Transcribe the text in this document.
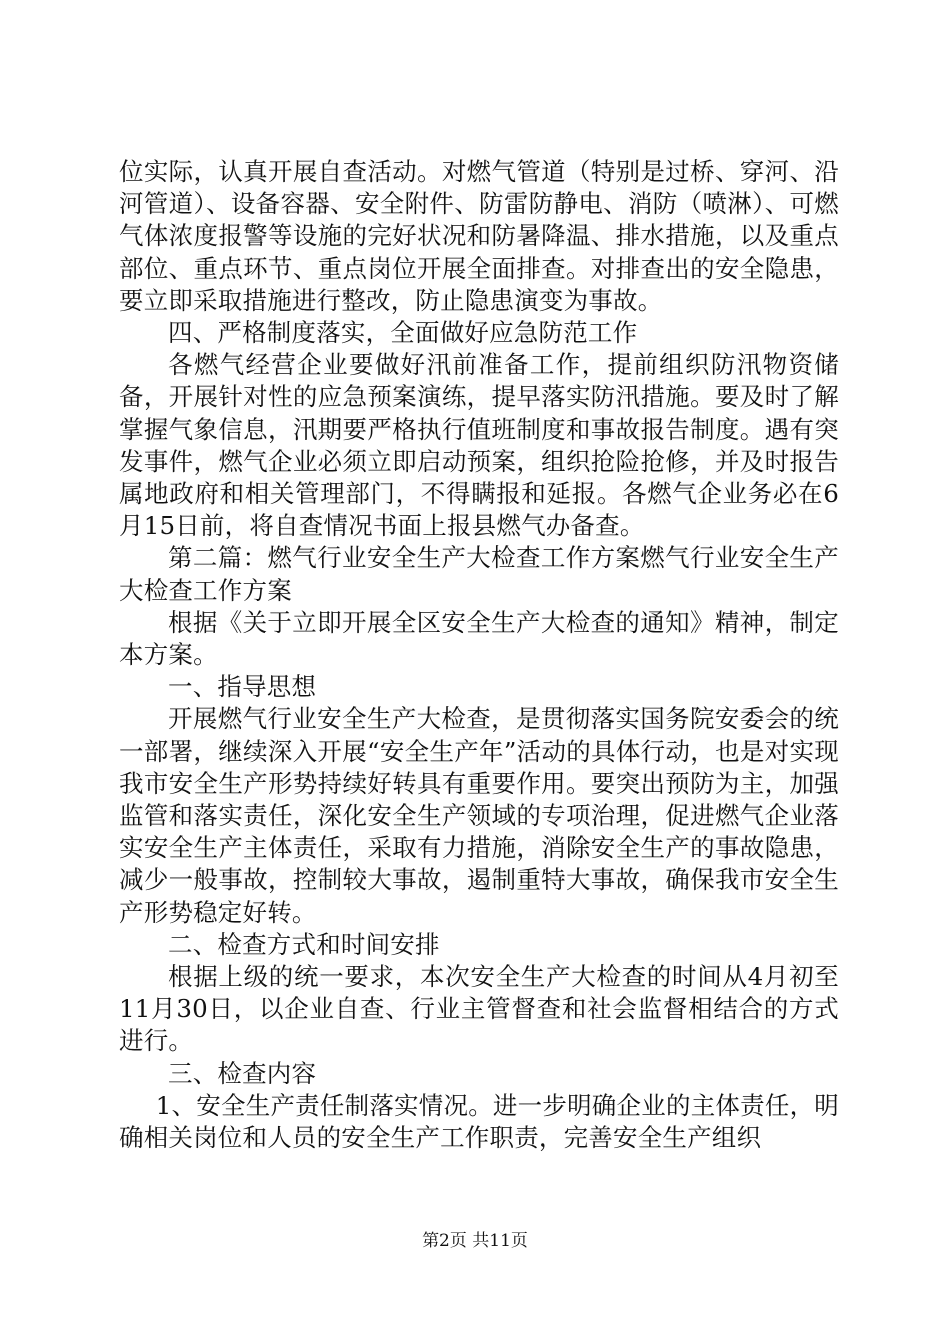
位实际，认真开展自查活动。对燃气管道（特别是过桥、穿河、沿河管道）、设备容器、安全附件、防雷防静电、消防（喷淋）、可燃气体浓度报警等设施的完好状况和防暑降温、排水措施，以及重点部位、重点环节、重点岗位开展全面排查。对排查出的安全隐患，要立即采取措施进行整改，防止隐患演变为事故。

四、严格制度落实，全面做好应急防范工作

各燃气经营企业要做好汛前准备工作，提前组织防汛物资储备，开展针对性的应急预案演练，提早落实防汛措施。要及时了解掌握气象信息，汛期要严格执行值班制度和事故报告制度。遇有突发事件，燃气企业必须立即启动预案，组织抢险抢修，并及时报告属地政府和相关管理部门，不得瞒报和延报。各燃气企业务必在6月15日前，将自查情况书面上报县燃气办备查。

第二篇：燃气行业安全生产大检查工作方案燃气行业安全生产大检查工作方案

根据《关于立即开展全区安全生产大检查的通知》精神，制定本方案。

一、指导思想

开展燃气行业安全生产大检查，是贯彻落实国务院安委会的统一部署，继续深入开展“安全生产年”活动的具体行动，也是对实现我市安全生产形势持续好转具有重要作用。要突出预防为主，加强监管和落实责任，深化安全生产领域的专项治理，促进燃气企业落实安全生产主体责任，采取有力措施，消除安全生产的事故隐患，减少一般事故，控制较大事故，遏制重特大事故，确保我市安全生产形势稳定好转。

二、检查方式和时间安排

根据上级的统一要求，本次安全生产大检查的时间从4月初至11月30日，以企业自查、行业主管督查和社会监督相结合的方式进行。

三、检查内容

1、安全生产责任制落实情况。进一步明确企业的主体责任，明确相关岗位和人员的安全生产工作职责，完善安全生产组织

第2页 共11页
